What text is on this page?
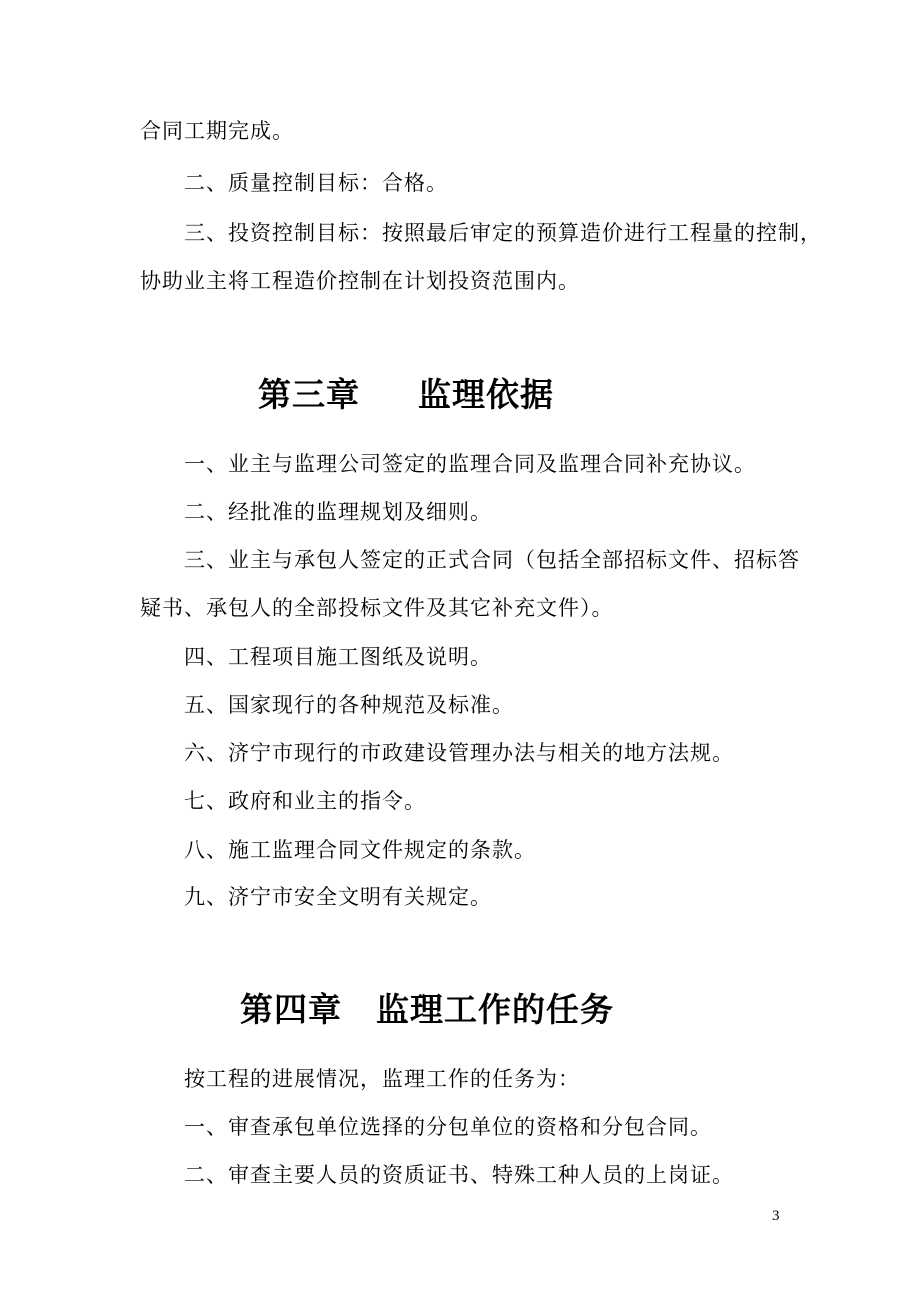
合同工期完成。
二、质量控制目标：合格。
三、投资控制目标：按照最后审定的预算造价进行工程量的控制，
协助业主将工程造价控制在计划投资范围内。
第三章 监理依据
一、业主与监理公司签定的监理合同及监理合同补充协议。
二、经批准的监理规划及细则。
三、业主与承包人签定的正式合同（包括全部招标文件、招标答
疑书、承包人的全部投标文件及其它补充文件）。
四、工程项目施工图纸及说明。
五、国家现行的各种规范及标准。
六、济宁市现行的市政建设管理办法与相关的地方法规。
七、政府和业主的指令。
八、施工监理合同文件规定的条款。
九、济宁市安全文明有关规定。
第四章 监理工作的任务
按工程的进展情况，监理工作的任务为：
一、审查承包单位选择的分包单位的资格和分包合同。
二、审查主要人员的资质证书、特殊工种人员的上岗证。
3
